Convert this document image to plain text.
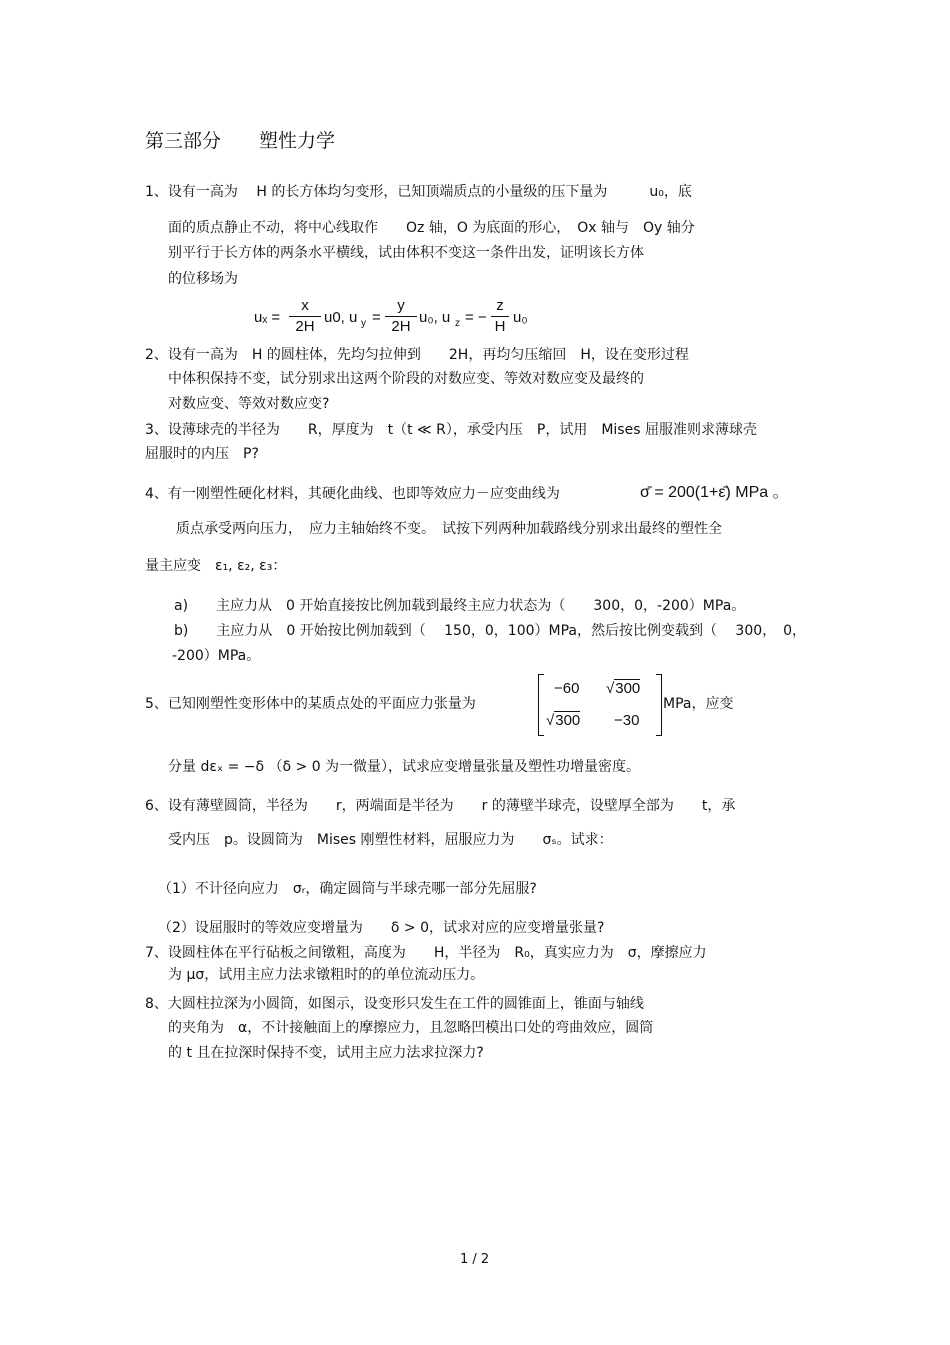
第三部分　　塑性力学
1、设有一高为　 H 的长方体均匀变形，已知顶端质点的小量级的压下量为　　　u₀，底
面的质点静止不动，将中心线取作　　Oz 轴，O 为底面的形心，　Ox 轴与　Oy 轴分
别平行于长方体的两条水平横线，试由体积不变这一条件出发，证明该长方体
的位移场为
uₓ =
x
2H
u0, u y =
y
2H
u₀, u z = −
z
H
u₀
2、设有一高为　H 的圆柱体，先均匀拉伸到　　2H，再均匀压缩回　H，设在变形过程
中体积保持不变，试分别求出这两个阶段的对数应变、等效对数应变及最终的
对数应变、等效对数应变?
3、设薄球壳的半径为　　R，厚度为　t（t ≪ R），承受内压　P，试用　Mises 屈服准则求薄球壳
屈服时的内压　P?
4、有一刚塑性硬化材料，其硬化曲线、也即等效应力－应变曲线为	σ̄ = 200(1+ε̄) MPa 。
质点承受两向压力，　应力主轴始终不变。　试按下列两种加载路线分别求出最终的塑性全
量主应变　ε₁, ε₂, ε₃：
a)　　主应力从　0 开始直接按比例加载到最终主应力状态为（　　300，0，-200）MPa。
b)　　主应力从　0 开始按比例加载到（　 150，0，100）MPa，然后按比例变载到（　 300，　0，
-200）MPa。
5、已知刚塑性变形体中的某质点处的平面应力张量为
−60 √300
√300 −30
MPa，应变
分量 dεₓ = −δ （δ > 0 为一微量），试求应变增量张量及塑性功增量密度。
6、设有薄壁圆筒，半径为　　r，两端面是半径为　　r 的薄壁半球壳，设壁厚全部为　　t，承
受内压　p。设圆筒为　Mises 刚塑性材料，屈服应力为　　σₛ。试求：
（1）不计径向应力　σᵣ，确定圆筒与半球壳哪一部分先屈服?
（2）设屈服时的等效应变增量为　　δ > 0，试求对应的应变增量张量?
7、设圆柱体在平行砧板之间镦粗，高度为　　H，半径为　R₀，真实应力为　σ，摩擦应力
为 μσ，试用主应力法求镦粗时的的单位流动压力。
8、大圆柱拉深为小圆筒，如图示，设变形只发生在工件的圆锥面上，锥面与轴线
的夹角为　α，不计接触面上的摩擦应力，且忽略凹模出口处的弯曲效应，圆筒
的 t 且在拉深时保持不变，试用主应力法求拉深力?
1 / 2
